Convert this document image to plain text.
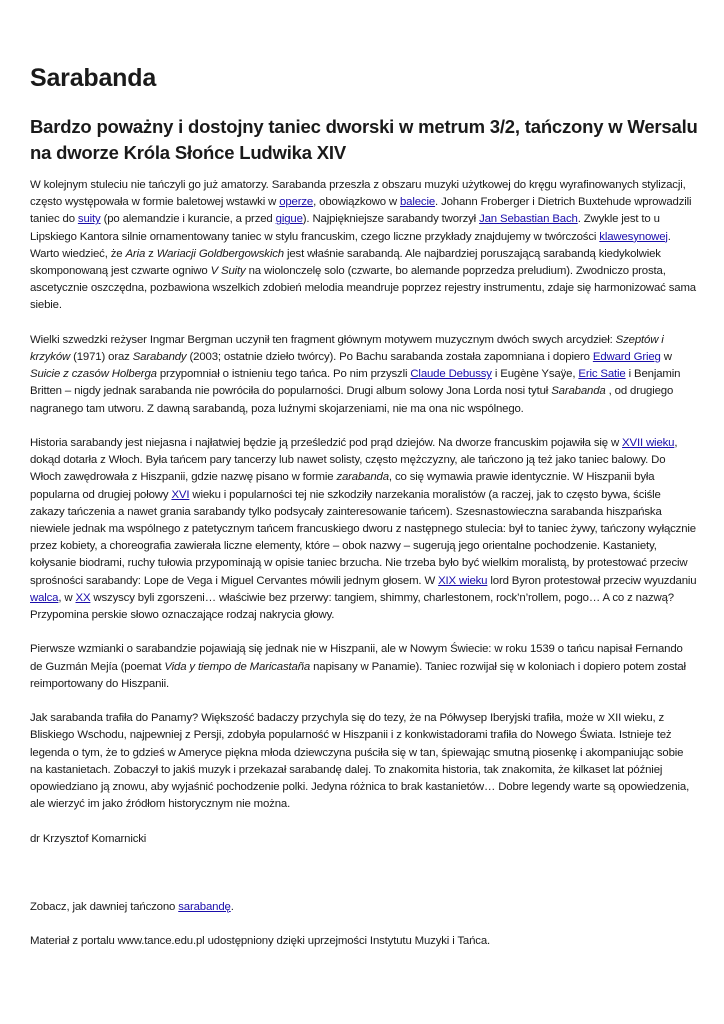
Sarabanda
Bardzo poważny i dostojny taniec dworski w metrum 3/2, tańczony w Wersalu na dworze Króla Słońce Ludwika XIV

W kolejnym stuleciu nie tańczyli go już amatorzy. Sarabanda przeszła z obszaru muzyki użytkowej do kręgu wyrafinowanych stylizacji, często występowała w formie baletowej wstawki w operze, obowiązkowo w balecie. Johann Froberger i Dietrich Buxtehude wprowadzili taniec do suity (po alemandzie i kurancie, a przed gigue). Najpiękniejsze sarabandy tworzył Jan Sebastian Bach. Zwykle jest to u Lipskiego Kantora silnie ornamentowany taniec w stylu francuskim, czego liczne przykłady znajdujemy w twórczości klawesynowej. Warto wiedzieć, że Aria z Wariacji Goldbergowskich jest właśnie sarabandą. Ale najbardziej poruszającą sarabandą kiedykolwiek skomponowaną jest czwarte ogniwo V Suity na wiolonczelę solo (czwarte, bo alemande poprzedza preludium). Zwodniczo prosta, ascetycznie oszczędna, pozbawiona wszelkich zdobień melodia meandruje poprzez rejestry instrumentu, zdaje się harmonizować sama siebie.

Wielki szwedzki reżyser Ingmar Bergman uczynił ten fragment głównym motywem muzycznym dwóch swych arcydzieł: Szeptów i krzyków (1971) oraz Sarabandy (2003; ostatnie dzieło twórcy). Po Bachu sarabanda została zapomniana i dopiero Edward Grieg w Suicie z czasów Holberga przypomniał o istnieniu tego tańca. Po nim przyszli Claude Debussy i Eugène Ysaÿe, Eric Satie i Benjamin Britten – nigdy jednak sarabanda nie powróciła do popularności. Drugi album solowy Jona Lorda nosi tytuł Sarabanda , od drugiego nagranego tam utworu. Z dawną sarabandą, poza luźnymi skojarzeniami, nie ma ona nic wspólnego.

Historia sarabandy jest niejasna i najłatwiej będzie ją prześledzić pod prąd dziejów. Na dworze francuskim pojawiła się w XVII wieku, dokąd dotarła z Włoch. Była tańcem pary tancerzy lub nawet solisty, często mężczyzny, ale tańczono ją też jako taniec balowy. Do Włoch zawędrowała z Hiszpanii, gdzie nazwę pisano w formie zarabanda, co się wymawia prawie identycznie. W Hiszpanii była popularna od drugiej połowy XVI wieku i popularności tej nie szkodziły narzekania moralistów (a raczej, jak to często bywa, ściśle zakazy tańczenia a nawet grania sarabandy tylko podsycały zainteresowanie tańcem). Szesnastowieczna sarabanda hiszpańska niewiele jednak ma wspólnego z patetycznym tańcem francuskiego dworu z następnego stulecia: był to taniec żywy, tańczony wyłącznie przez kobiety, a choreografia zawierała liczne elementy, które – obok nazwy – sugerują jego orientalne pochodzenie. Kastaniety, kołysanie biodrami, ruchy tułowia przypominają w opisie taniec brzucha. Nie trzeba było być wielkim moralistą, by protestować przeciw sprośności sarabandy: Lope de Vega i Miguel Cervantes mówili jednym głosem. W XIX wieku lord Byron protestował przeciw wyuzdaniu walca, w XX wszyscy byli zgorszeni… właściwie bez przerwy: tangiem, shimmy, charlestonem, rock’n’rollem, pogo… A co z nazwą? Przypomina perskie słowo oznaczające rodzaj nakrycia głowy.

Pierwsze wzmianki o sarabandzie pojawiają się jednak nie w Hiszpanii, ale w Nowym Świecie: w roku 1539 o tańcu napisał Fernando de Guzmán Mejía (poemat Vida y tiempo de Maricastaña napisany w Panamie). Taniec rozwijał się w koloniach i dopiero potem został reimportowany do Hiszpanii.

Jak sarabanda trafiła do Panamy? Większość badaczy przychyla się do tezy, że na Półwysep Iberyjski trafiła, może w XII wieku, z Bliskiego Wschodu, najpewniej z Persji, zdobyła popularność w Hiszpanii i z konkwistadorami trafiła do Nowego Świata. Istnieje też legenda o tym, że to gdzieś w Ameryce piękna młoda dziewczyna puściła się w tan, śpiewając smutną piosenkę i akompaniując sobie na kastanietach. Zobaczył to jakiś muzyk i przekazał sarabandę dalej. To znakomita historia, tak znakomita, że kilkaset lat później opowiedziano ją znowu, aby wyjaśnić pochodzenie polki. Jedyna różnica to brak kastanietów… Dobre legendy warte są opowiedzenia, ale wierzyć im jako źródłom historycznym nie można.

dr Krzysztof Komarnicki

Zobacz, jak dawniej tańczono sarabandę.

Materiał z portalu www.tance.edu.pl udostępniony dzięki uprzejmości Instytutu Muzyki i Tańca.
